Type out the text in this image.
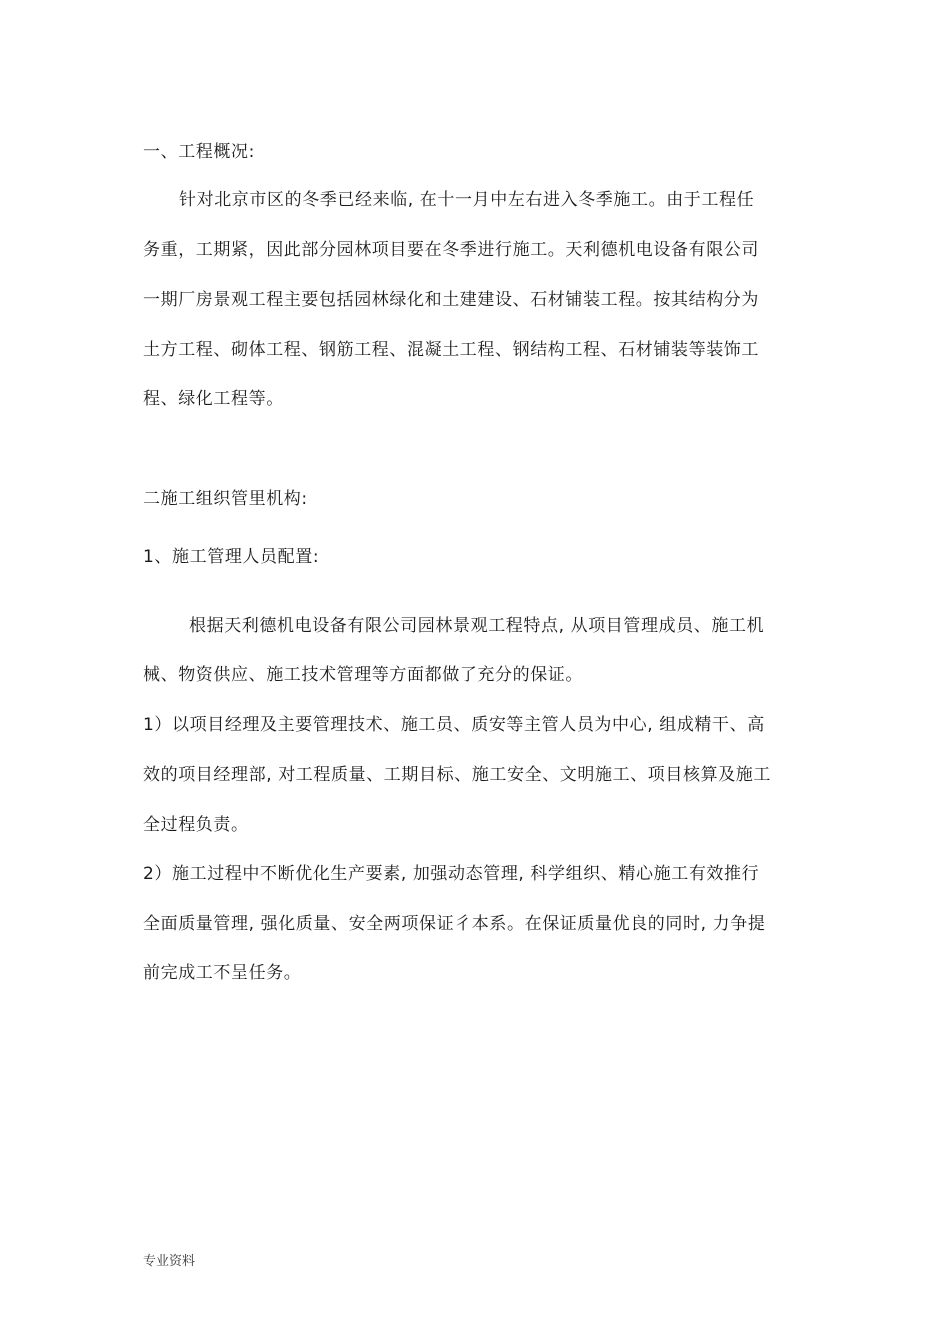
一、工程概况:
针对北京市区的冬季已经来临, 在十一月中左右进入冬季施工。由于工程任
务重，工期紧，因此部分园林项目要在冬季进行施工。天利德机电设备有限公司
一期厂房景观工程主要包括园林绿化和土建建设、石材铺装工程。按其结构分为
土方工程、砌体工程、钢筋工程、混凝土工程、钢结构工程、石材铺装等装饰工
程、绿化工程等。
二施工组织管里机构:
1、施工管理人员配置:
根据天利德机电设备有限公司园林景观工程特点, 从项目管理成员、施工机
械、物资供应、施工技术管理等方面都做了充分的保证。
1）以项目经理及主要管理技术、施工员、质安等主管人员为中心, 组成精干、高
效的项目经理部, 对工程质量、工期目标、施工安全、文明施工、项目核算及施工
全过程负责。
2）施工过程中不断优化生产要素, 加强动态管理, 科学组织、精心施工有效推行
全面质量管理, 强化质量、安全两项保证彳本系。在保证质量优良的同时, 力争提
前完成工不呈任务。
专业资料
